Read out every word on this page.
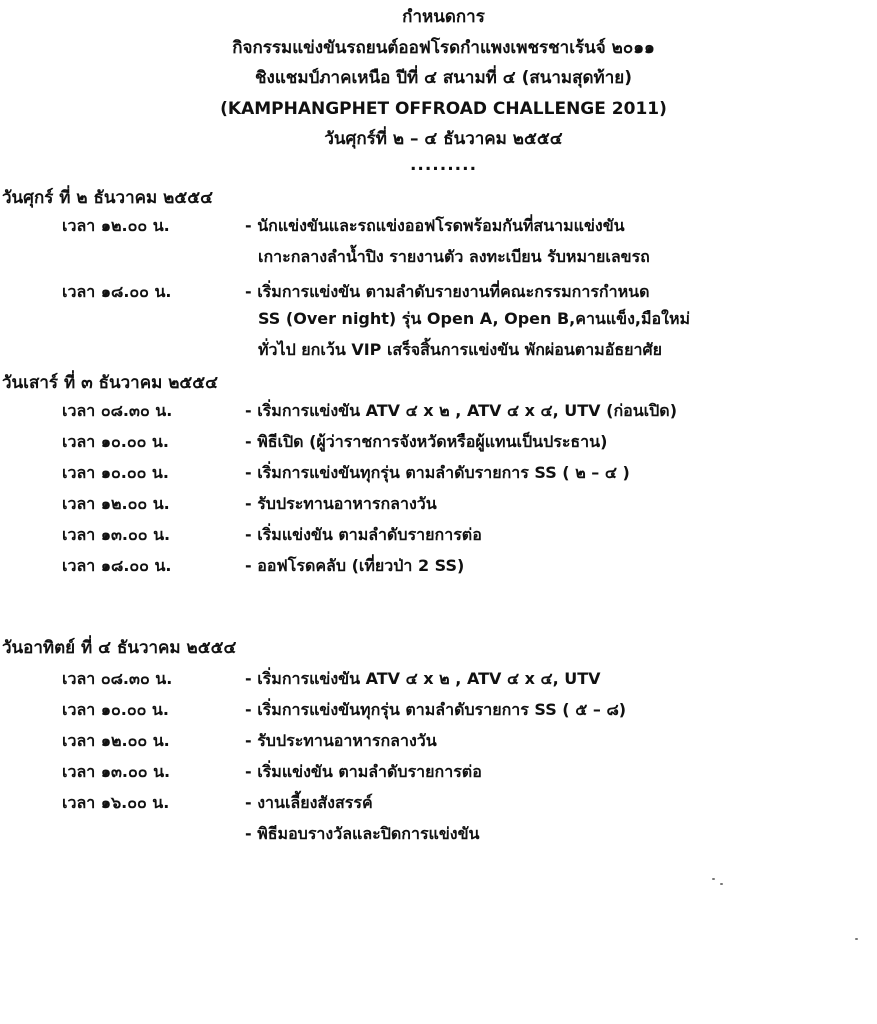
กำหนดการ
กิจกรรมแข่งขันรถยนต์ออฟโรดกำแพงเพชรชาเร้นจ์ ๒๐๑๑
ชิงแชมป์ภาคเหนือ ปีที่ ๔ สนามที่ ๔ (สนามสุดท้าย)
(KAMPHANGPHET OFFROAD CHALLENGE 2011)
วันศุกร์ที่ ๒ – ๔ ธันวาคม ๒๕๕๔
.........
วันศุกร์ ที่ ๒ ธันวาคม ๒๕๕๔
เวลา ๑๒.๐๐ น.	- นักแข่งขันและรถแข่งออฟโรดพร้อมกันที่สนามแข่งขัน
เกาะกลางลำน้ำปิง รายงานตัว ลงทะเบียน รับหมายเลขรถ
เวลา ๑๘.๐๐ น.	- เริ่มการแข่งขัน ตามลำดับรายงานที่คณะกรรมการกำหนด
SS (Over night) รุ่น Open A, Open B,คานแข็ง,มือใหม่
ทั่วไป ยกเว้น VIP เสร็จสิ้นการแข่งขัน พักผ่อนตามอัธยาศัย
วันเสาร์ ที่ ๓ ธันวาคม ๒๕๕๔
เวลา ๐๘.๓๐ น.	- เริ่มการแข่งขัน ATV ๔ x ๒ , ATV ๔ x ๔, UTV (ก่อนเปิด)
เวลา ๑๐.๐๐ น.	- พิธีเปิด (ผู้ว่าราชการจังหวัดหรือผู้แทนเป็นประธาน)
เวลา ๑๐.๐๐ น.	- เริ่มการแข่งขันทุกรุ่น ตามลำดับรายการ SS ( ๒ – ๔ )
เวลา ๑๒.๐๐ น.	- รับประทานอาหารกลางวัน
เวลา ๑๓.๐๐ น.	- เริ่มแข่งขัน ตามลำดับรายการต่อ
เวลา ๑๘.๐๐ น.	- ออฟโรดคลับ (เที่ยวป่า 2 SS)
วันอาทิตย์ ที่ ๔ ธันวาคม ๒๕๕๔
เวลา ๐๘.๓๐ น.	- เริ่มการแข่งขัน ATV ๔ x ๒ , ATV ๔ x ๔, UTV
เวลา ๑๐.๐๐ น.	- เริ่มการแข่งขันทุกรุ่น ตามลำดับรายการ SS ( ๕ – ๘)
เวลา ๑๒.๐๐ น.	- รับประทานอาหารกลางวัน
เวลา ๑๓.๐๐ น.	- เริ่มแข่งขัน ตามลำดับรายการต่อ
เวลา ๑๖.๐๐ น.	- งานเลี้ยงสังสรรค์
- พิธีมอบรางวัลและปิดการแข่งขัน
